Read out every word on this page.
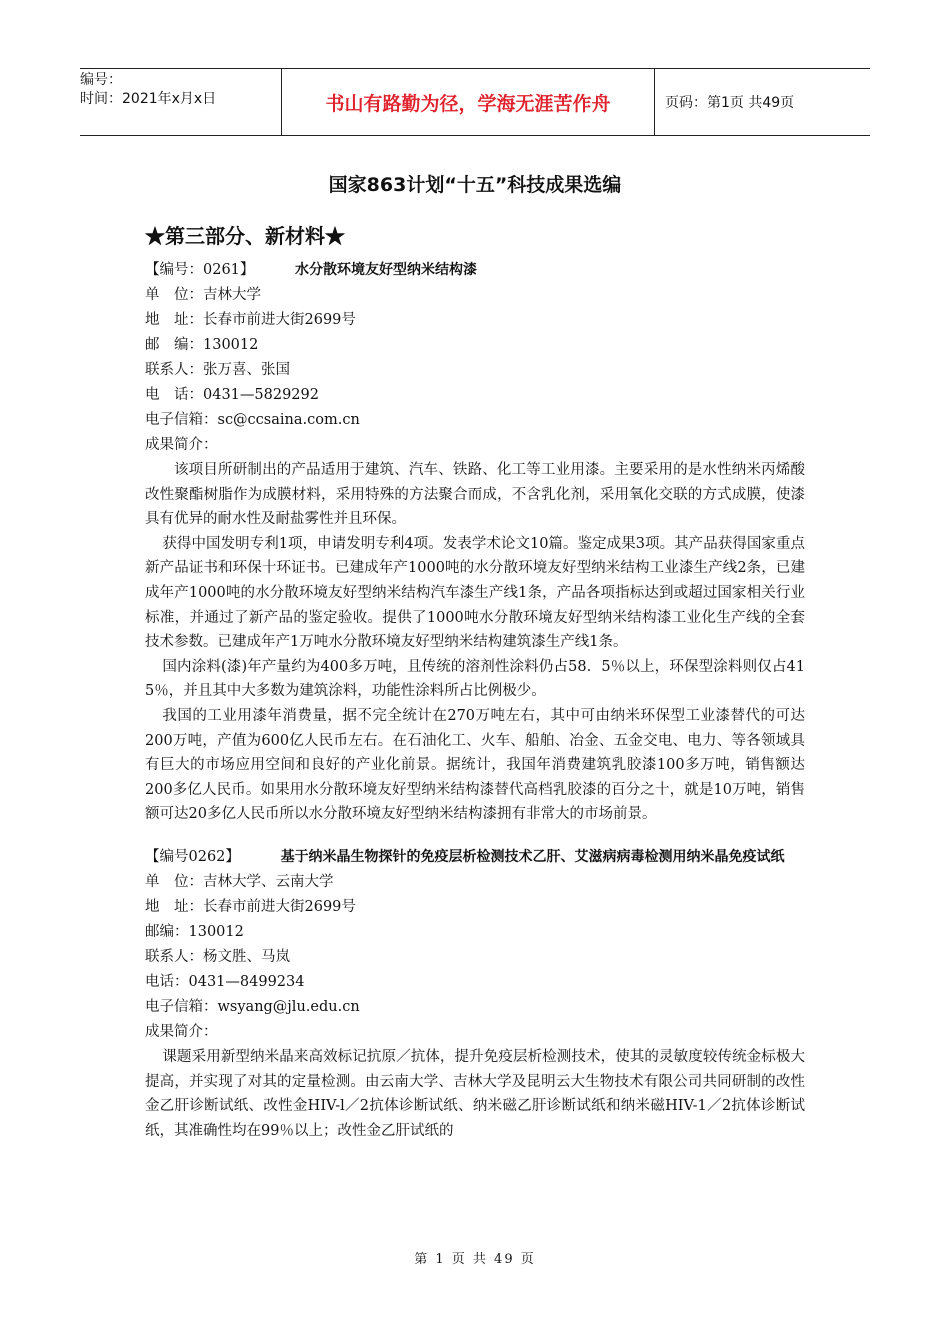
编号：
时间：2021年x月x日	书山有路勤为径，学海无涯苦作舟	页码：第1页 共49页
国家863计划“十五”科技成果选编
★第三部分、新材料★
【编号：0261】	水分散环境友好型纳米结构漆
单　位：吉林大学
地　址：长春市前进大街2699号
邮　编：130012
联系人：张万喜、张国
电　话：0431—5829292
电子信箱：sc@ccsaina.com.cn
成果简介：
该项目所研制出的产品适用于建筑、汽车、铁路、化工等工业用漆。主要采用的是水性纳米丙烯酸改性聚酯树脂作为成膜材料，采用特殊的方法聚合而成，不含乳化剂，采用氧化交联的方式成膜，使漆具有优异的耐水性及耐盐雾性并且环保。
获得中国发明专利1项，申请发明专利4项。发表学术论文10篇。鉴定成果3项。其产品获得国家重点新产品证书和环保十环证书。已建成年产1000吨的水分散环境友好型纳米结构工业漆生产线2条，已建成年产1000吨的水分散环境友好型纳米结构汽车漆生产线1条，产品各项指标达到或超过国家相关行业标准，并通过了新产品的鉴定验收。提供了1000吨水分散环境友好型纳米结构漆工业化生产线的全套技术参数。已建成年产1万吨水分散环境友好型纳米结构建筑漆生产线1条。
国内涂料(漆)年产量约为400多万吨，且传统的溶剂性涂料仍占58．5％以上，环保型涂料则仅占41 5％，并且其中大多数为建筑涂料，功能性涂料所占比例极少。
我国的工业用漆年消费量，据不完全统计在270万吨左右，其中可由纳米环保型工业漆替代的可达200万吨，产值为600亿人民币左右。在石油化工、火车、船舶、冶金、五金交电、电力、等各领域具有巨大的市场应用空间和良好的产业化前景。据统计，我国年消费建筑乳胶漆100多万吨，销售额达200多亿人民币。如果用水分散环境友好型纳米结构漆替代高档乳胶漆的百分之十，就是10万吨，销售额可达20多亿人民币所以水分散环境友好型纳米结构漆拥有非常大的市场前景。
【编号0262】	基于纳米晶生物探针的免疫层析检测技术乙肝、艾滋病病毒检测用纳米晶免疫试纸
单　位：吉林大学、云南大学
地　址：长春市前进大街2699号
邮编：130012
联系人：杨文胜、马岚
电话：0431—8499234
电子信箱：wsyang@jlu.edu.cn
成果简介：
课题采用新型纳米晶来高效标记抗原／抗体，提升免疫层析检测技术，使其的灵敏度较传统金标极大提高，并实现了对其的定量检测。由云南大学、吉林大学及昆明云大生物技术有限公司共同研制的改性金乙肝诊断试纸、改性金HIV-l／2抗体诊断试纸、纳米磁乙肝诊断试纸和纳米磁HIV-1／2抗体诊断试纸，其准确性均在99％以上；改性金乙肝试纸的
第 1 页 共 49 页
